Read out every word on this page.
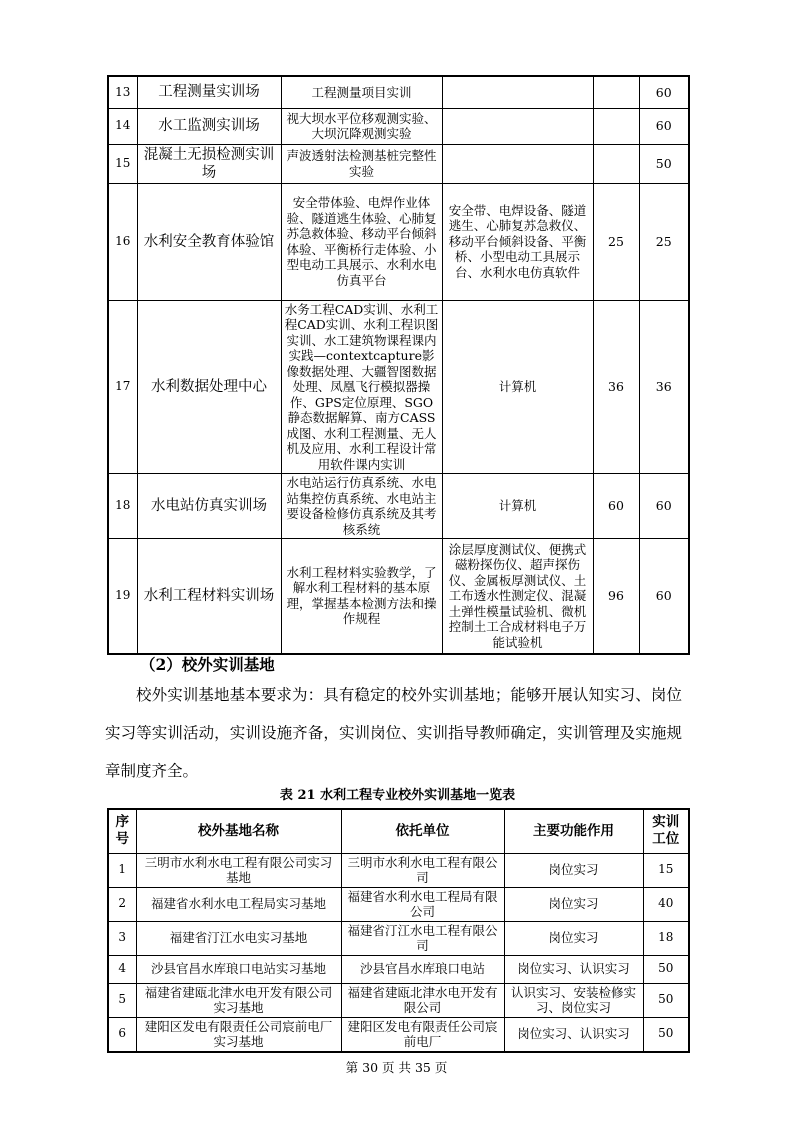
13	工程测量实训场	工程测量项目实训			60
14	水工监测实训场	视大坝水平位移观测实验、大坝沉降观测实验			60
15	混凝土无损检测实训场	声波透射法检测基桩完整性实验			50
16	水利安全教育体验馆	安全带体验、电焊作业体验、隧道逃生体验、心肺复苏急救体验、移动平台倾斜体验、平衡桥行走体验、小型电动工具展示、水利水电仿真平台	安全带、电焊设备、隧道逃生、心肺复苏急救仪、移动平台倾斜设备、平衡桥、小型电动工具展示台、水利水电仿真软件	25	25
17	水利数据处理中心	水务工程CAD实训、水利工程CAD实训、水利工程识图实训、水工建筑物课程课内实践—contextcapture影像数据处理、大疆智图数据处理、凤凰飞行模拟器操作、GPS定位原理、SGO静态数据解算、南方CASS成图、水利工程测量、无人机及应用、水利工程设计常用软件课内实训	计算机	36	36
18	水电站仿真实训场	水电站运行仿真系统、水电站集控仿真系统、水电站主要设备检修仿真系统及其考核系统	计算机	60	60
19	水利工程材料实训场	水利工程材料实验教学，了解水利工程材料的基本原理，掌握基本检测方法和操作规程	涂层厚度测试仪、便携式磁粉探伤仪、超声探伤仪、金属板厚测试仪、土工布透水性测定仪、混凝土弹性模量试验机、微机控制土工合成材料电子万能试验机	96	60
（2）校外实训基地
校外实训基地基本要求为：具有稳定的校外实训基地；能够开展认知实习、岗位实习等实训活动，实训设施齐备，实训岗位、实训指导教师确定，实训管理及实施规章制度齐全。
表 21 水利工程专业校外实训基地一览表
序号	校外基地名称	依托单位	主要功能作用	实训工位
1	三明市水利水电工程有限公司实习基地	三明市水利水电工程有限公司	岗位实习	15
2	福建省水利水电工程局实习基地	福建省水利水电工程局有限公司	岗位实习	40
3	福建省汀江水电实习基地	福建省汀江水电工程有限公司	岗位实习	18
4	沙县官昌水库琅口电站实习基地	沙县官昌水库琅口电站	岗位实习、认识实习	50
5	福建省建瓯北津水电开发有限公司实习基地	福建省建瓯北津水电开发有限公司	认识实习、安装检修实习、岗位实习	50
6	建阳区发电有限责任公司宸前电厂实习基地	建阳区发电有限责任公司宸前电厂	岗位实习、认识实习	50
第 30 页 共 35 页
